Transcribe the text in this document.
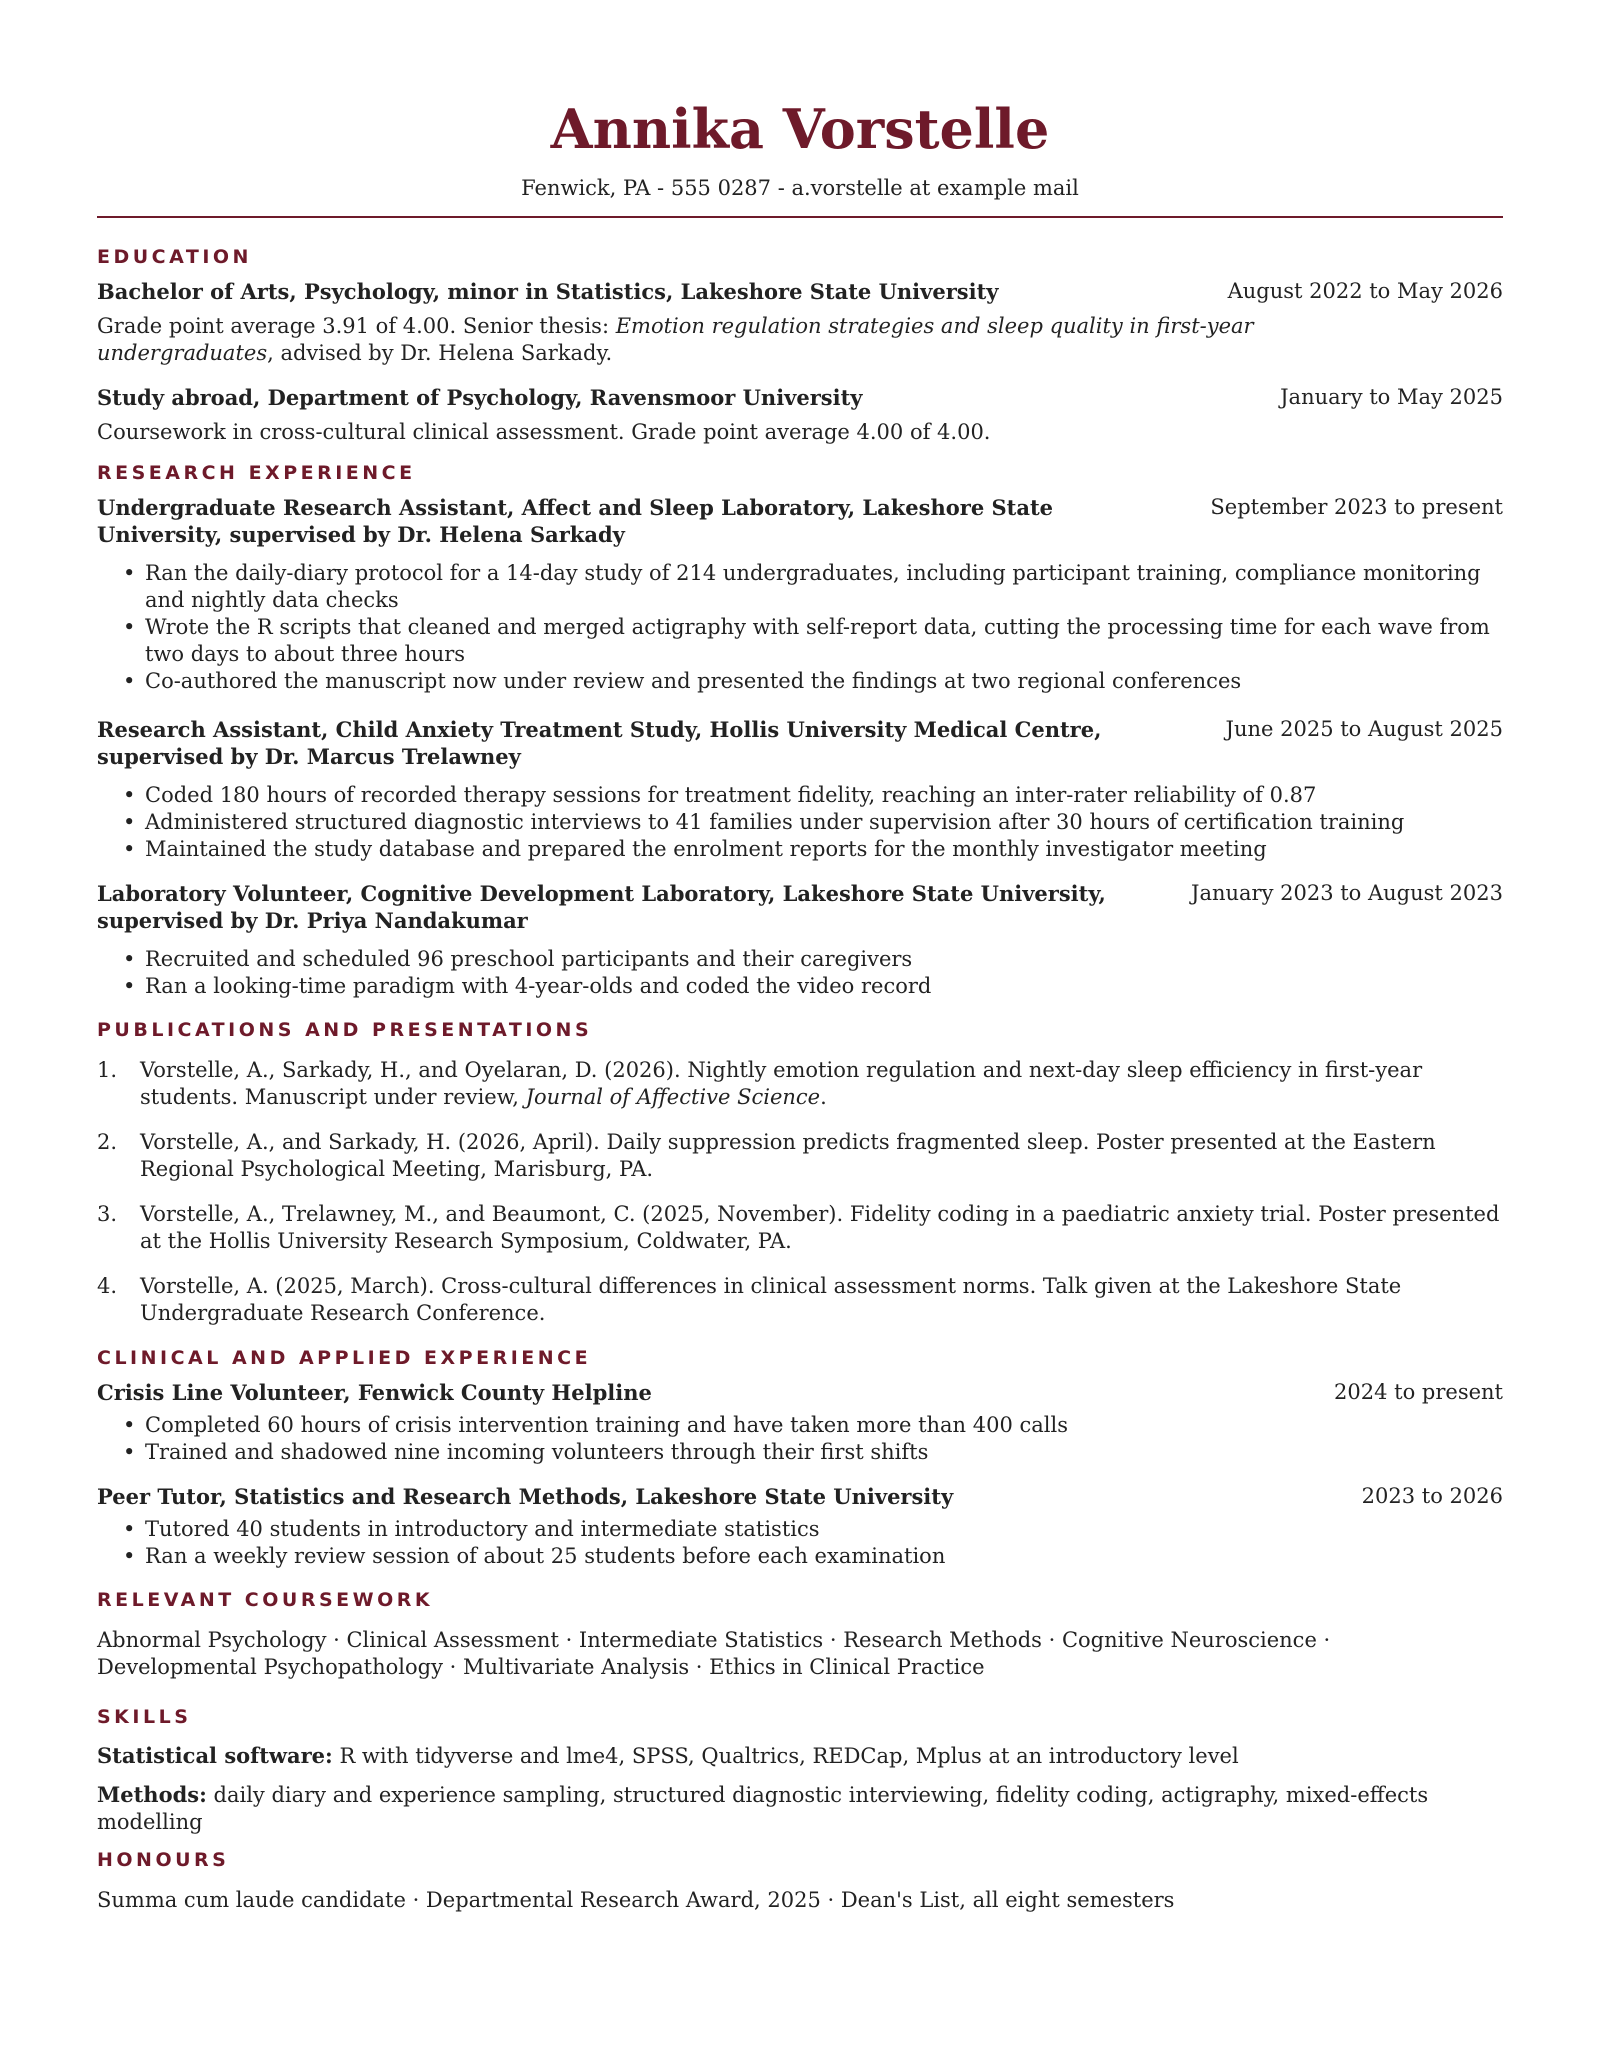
Annika Vorstelle

Fenwick, PA - 555 0287 - a.vorstelle at example mail

EDUCATION
Bachelor of Arts, Psychology, minor in Statistics, Lakeshore State University	August 2022 to May 2026
Grade point average 3.91 of 4.00. Senior thesis: Emotion regulation strategies and sleep quality in first-year undergraduates, advised by Dr. Helena Sarkady.
Study abroad, Department of Psychology, Ravensmoor University	January to May 2025
Coursework in cross-cultural clinical assessment. Grade point average 4.00 of 4.00.
RESEARCH EXPERIENCE
Undergraduate Research Assistant, Affect and Sleep Laboratory, Lakeshore State University, supervised by Dr. Helena Sarkady
September 2023 to present
• Ran the daily-diary protocol for a 14-day study of 214 undergraduates, including participant training, compliance monitoring and nightly data checks
• Wrote the R scripts that cleaned and merged actigraphy with self-report data, cutting the processing time for each wave from two days to about three hours
• Co-authored the manuscript now under review and presented the findings at two regional conferences
Research Assistant, Child Anxiety Treatment Study, Hollis University Medical Centre, supervised by Dr. Marcus Trelawney
June 2025 to August 2025
• Coded 180 hours of recorded therapy sessions for treatment fidelity, reaching an inter-rater reliability of 0.87
• Administered structured diagnostic interviews to 41 families under supervision after 30 hours of certification training
• Maintained the study database and prepared the enrolment reports for the monthly investigator meeting
Laboratory Volunteer, Cognitive Development Laboratory, Lakeshore State University, supervised by Dr. Priya Nandakumar
January 2023 to August 2023
• Recruited and scheduled 96 preschool participants and their caregivers
• Ran a looking-time paradigm with 4-year-olds and coded the video record
PUBLICATIONS AND PRESENTATIONS
1.	Vorstelle, A., Sarkady, H., and Oyelaran, D. (2026). Nightly emotion regulation and next-day sleep efficiency in first-year students. Manuscript under review, Journal of Affective Science.
2.	Vorstelle, A., and Sarkady, H. (2026, April). Daily suppression predicts fragmented sleep. Poster presented at the Eastern Regional Psychological Meeting, Marisburg, PA.
3.	Vorstelle, A., Trelawney, M., and Beaumont, C. (2025, November). Fidelity coding in a paediatric anxiety trial. Poster presented at the Hollis University Research Symposium, Coldwater, PA.
4.	Vorstelle, A. (2025, March). Cross-cultural differences in clinical assessment norms. Talk given at the Lakeshore State Undergraduate Research Conference.
CLINICAL AND APPLIED EXPERIENCE
Crisis Line Volunteer, Fenwick County Helpline	2024 to present
• Completed 60 hours of crisis intervention training and have taken more than 400 calls
• Trained and shadowed nine incoming volunteers through their first shifts
Peer Tutor, Statistics and Research Methods, Lakeshore State University	2023 to 2026
• Tutored 40 students in introductory and intermediate statistics
• Ran a weekly review session of about 25 students before each examination
RELEVANT COURSEWORK
Abnormal Psychology · Clinical Assessment · Intermediate Statistics · Research Methods · Cognitive Neuroscience · Developmental Psychopathology · Multivariate Analysis · Ethics in Clinical Practice
SKILLS
Statistical software: R with tidyverse and lme4, SPSS, Qualtrics, REDCap, Mplus at an introductory level
Methods: daily diary and experience sampling, structured diagnostic interviewing, fidelity coding, actigraphy, mixed-effects modelling
HONOURS
Summa cum laude candidate · Departmental Research Award, 2025 · Dean's List, all eight semesters
